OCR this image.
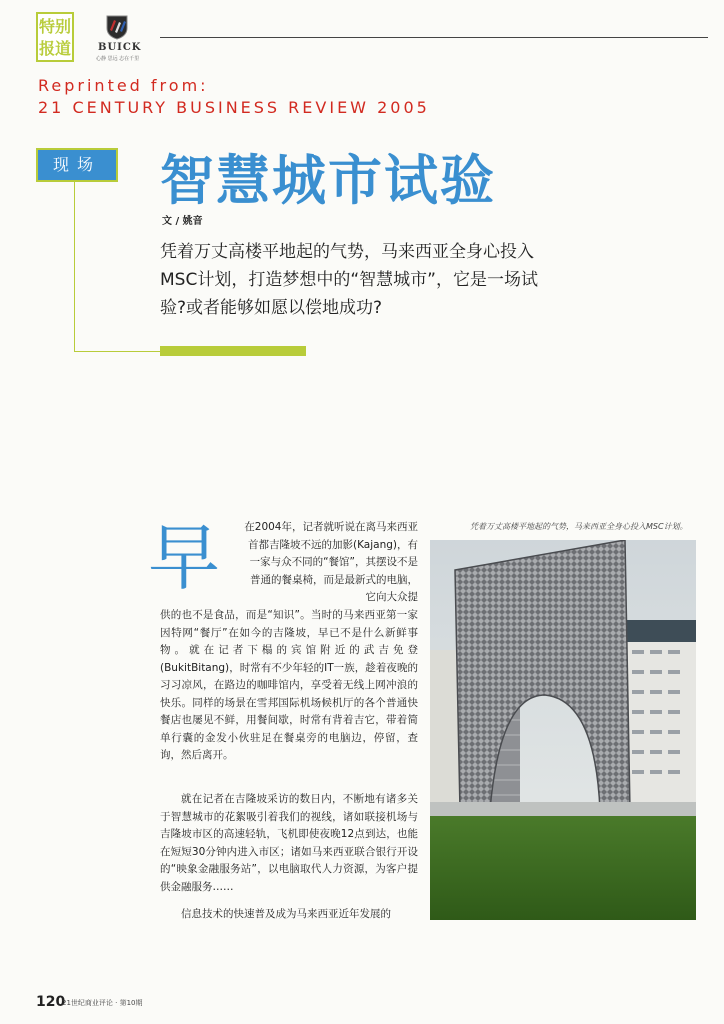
特别
报道	BUICK
心静 思远 志在千里
Reprinted from:
21 CENTURY BUSINESS REVIEW 2005
现场	智慧城市试验
文 / 姚音
凭着万丈高楼平地起的气势，马来西亚全身心投入MSC计划，打造梦想中的“智慧城市”，它是一场试验?或者能够如愿以偿地成功?
早	在2004年，记者就听说在离马来西亚首都吉隆坡不远的加影(Kajang)，有一家与众不同的“餐馆”，其摆设不是普通的餐桌椅，而是最新式的电脑，它向大众提
供的也不是食品，而是“知识”。当时的马来西亚第一家因特网“餐厅”在如今的吉隆坡，早已不是什么新鲜事物。就在记者下榻的宾馆附近的武吉免登(BukitBitang)，时常有不少年轻的IT一族，趁着夜晚的习习凉风，在路边的咖啡馆内，享受着无线上网冲浪的快乐。同样的场景在雪邦国际机场候机厅的各个普通快餐店也屡见不鲜，用餐间歇，时常有背着吉它，带着简单行囊的金发小伙驻足在餐桌旁的电脑边，停留，查询，然后离开。
就在记者在吉隆坡采访的数日内，不断地有诸多关于智慧城市的花絮吸引着我们的视线，诸如联接机场与吉隆坡市区的高速轻轨，飞机即使夜晚12点到达，也能在短短30分钟内进入市区；诸如马来西亚联合银行开设的“映象金融服务站”，以电脑取代人力资源，为客户提供金融服务……
信息技术的快速普及成为马来西亚近年发展的
凭着万丈高楼平地起的气势，马来西亚全身心投入MSC计划。
120
21世纪商业评论 · 第10期
